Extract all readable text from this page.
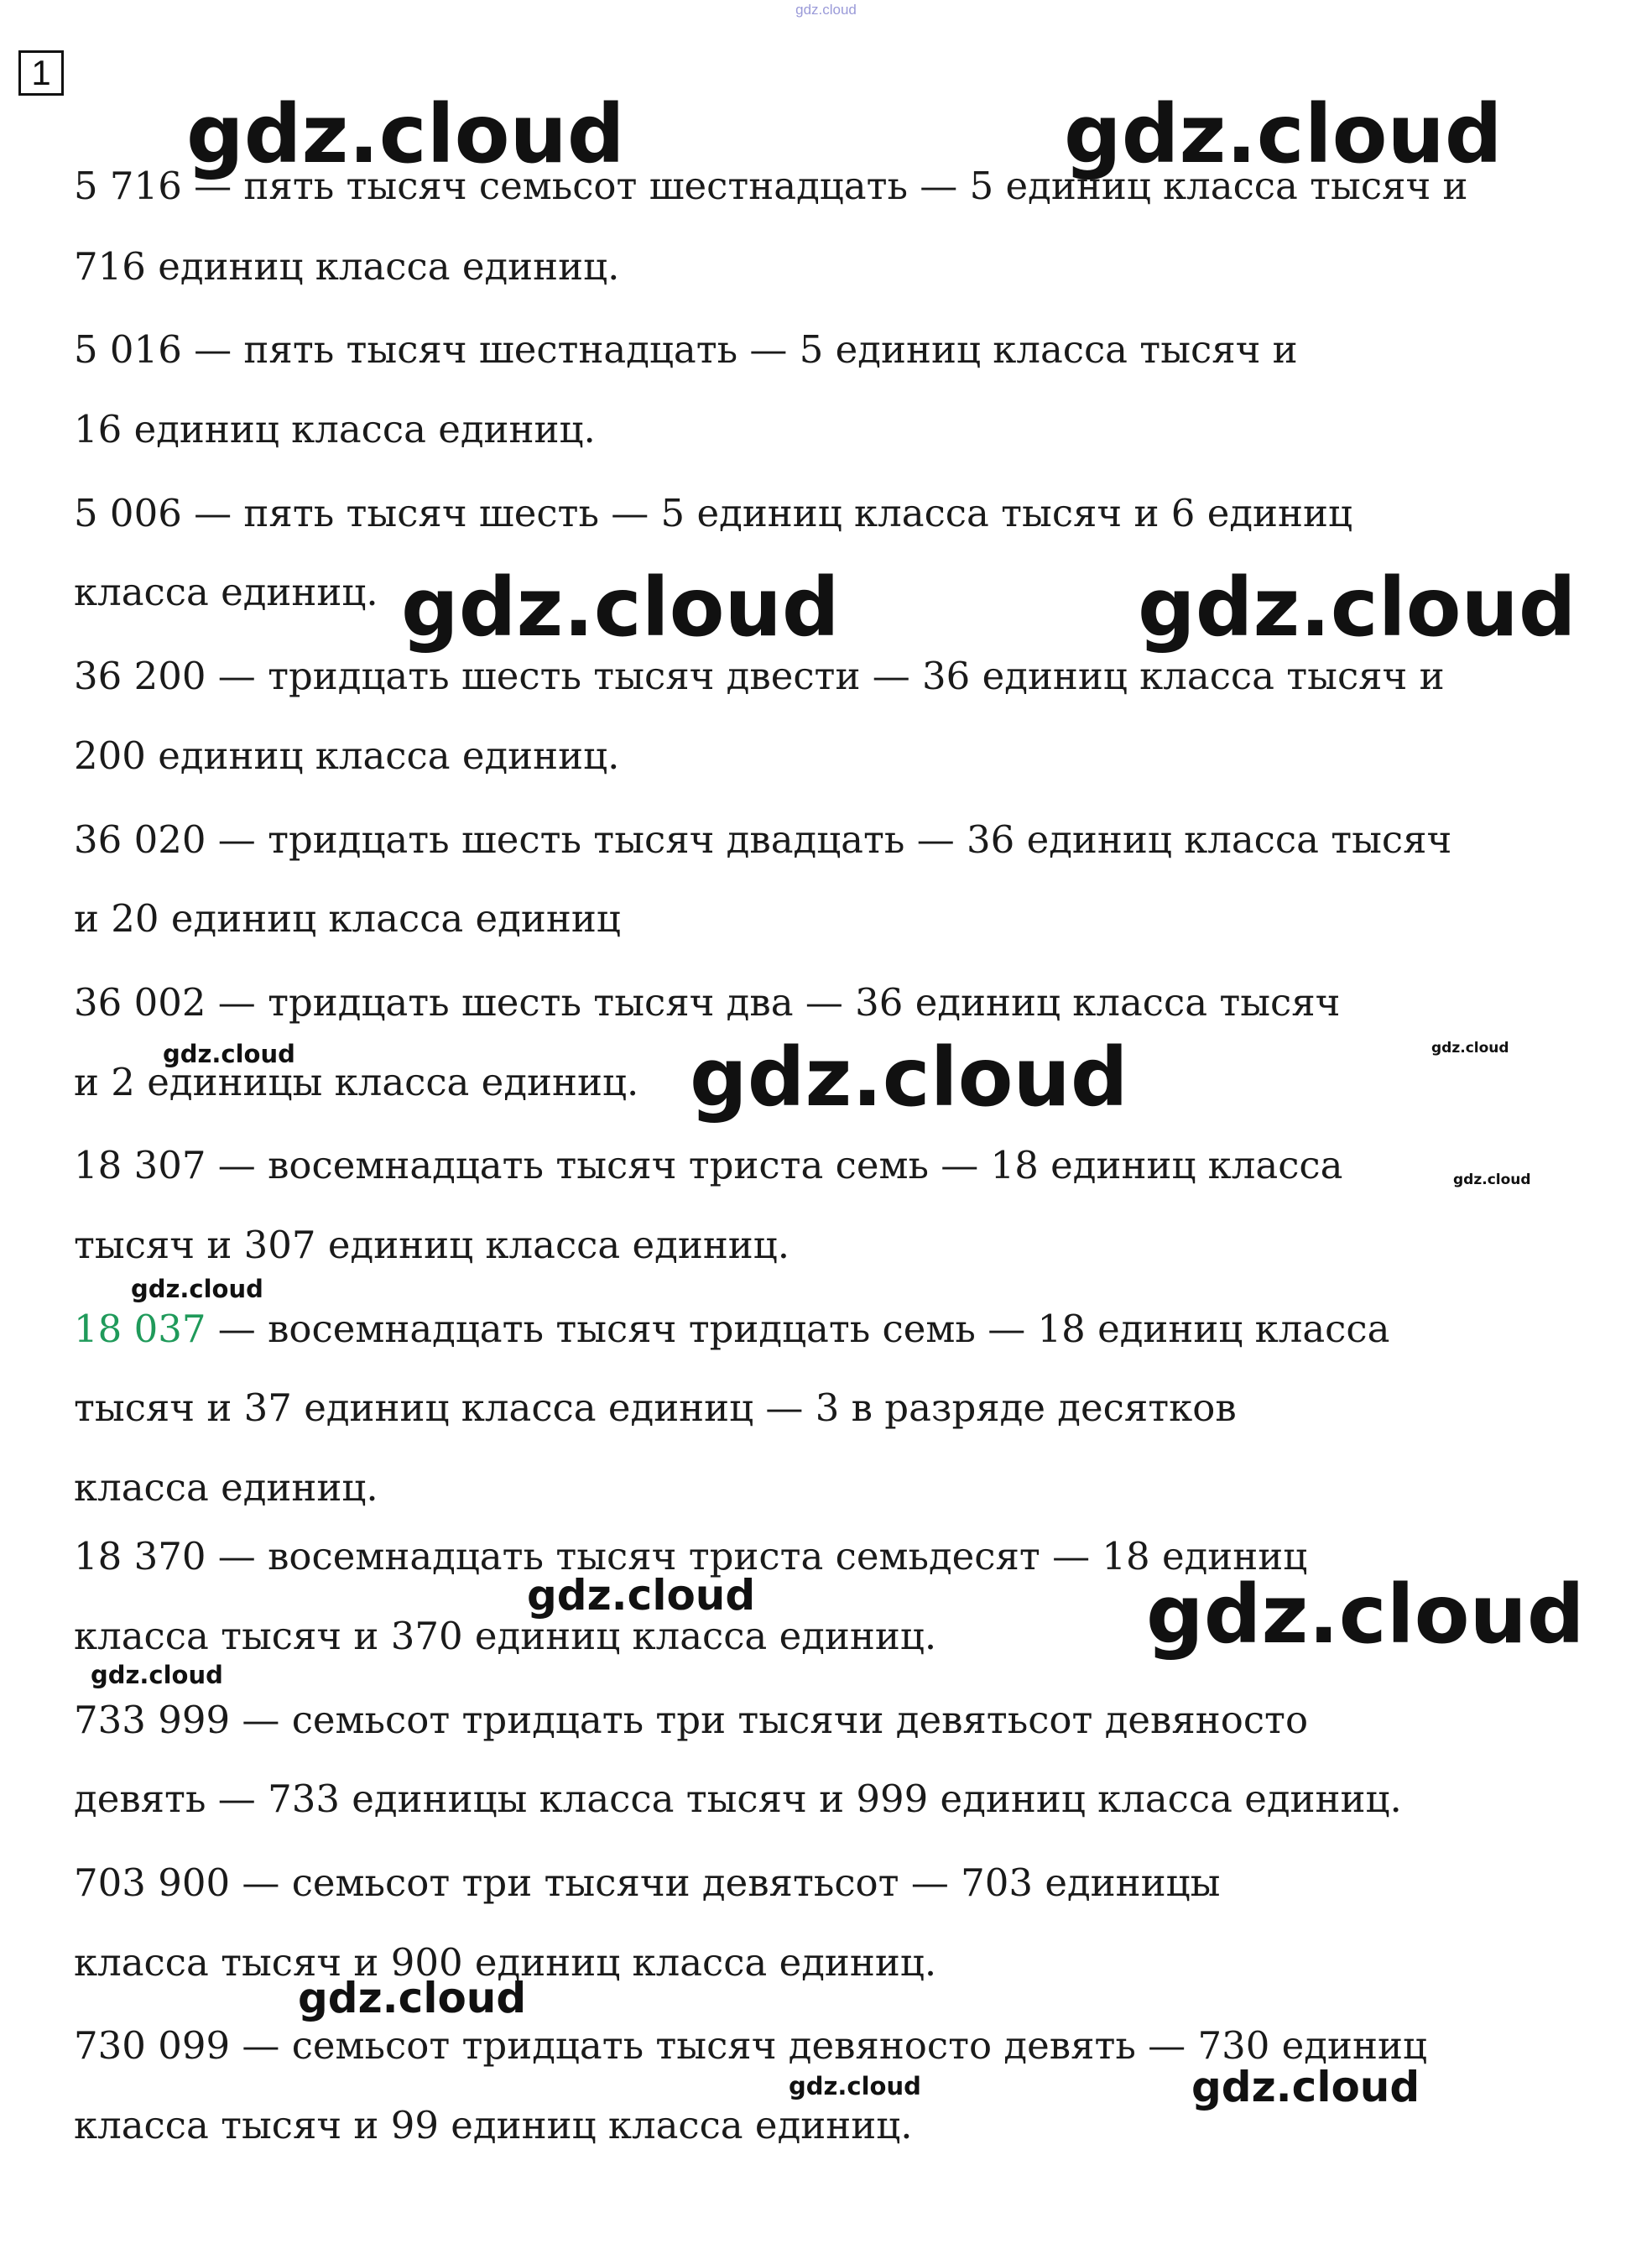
gdz.cloud
1
5 716 — пять тысяч семьсот шестнадцать — 5 единиц класса тысяч и
716 единиц класса единиц.
5 016 — пять тысяч шестнадцать — 5 единиц класса тысяч и
16 единиц класса единиц.
5 006 — пять тысяч шесть — 5 единиц класса тысяч и 6 единиц
класса единиц.
36 200 — тридцать шесть тысяч двести — 36 единиц класса тысяч и
200 единиц класса единиц.
36 020 — тридцать шесть тысяч двадцать — 36 единиц класса тысяч
и 20 единиц класса единиц
36 002 — тридцать шесть тысяч два — 36 единиц класса тысяч
и 2 единицы класса единиц.
18 307 — восемнадцать тысяч триста семь — 18 единиц класса
тысяч и 307 единиц класса единиц.
18 037 — восемнадцать тысяч тридцать семь — 18 единиц класса
тысяч и 37 единиц класса единиц — 3 в разряде десятков
класса единиц.
18 370 — восемнадцать тысяч триста семьдесят — 18 единиц
класса тысяч и 370 единиц класса единиц.
733 999 — семьсот тридцать три тысячи девятьсот девяносто
девять — 733 единицы класса тысяч и 999 единиц класса единиц.
703 900 — семьсот три тысячи девятьсот — 703 единицы
класса тысяч и 900 единиц класса единиц.
730 099 — семьсот тридцать тысяч девяносто девять — 730 единиц
класса тысяч и 99 единиц класса единиц.
gdz.cloud	gdz.cloud
gdz.cloud	gdz.cloud
gdz.cloud
gdz.cloud
gdz.cloud
gdz.cloud
gdz.cloud
gdz.cloud
gdz.cloud
gdz.cloud
gdz.cloud
gdz.cloud
gdz.cloud
